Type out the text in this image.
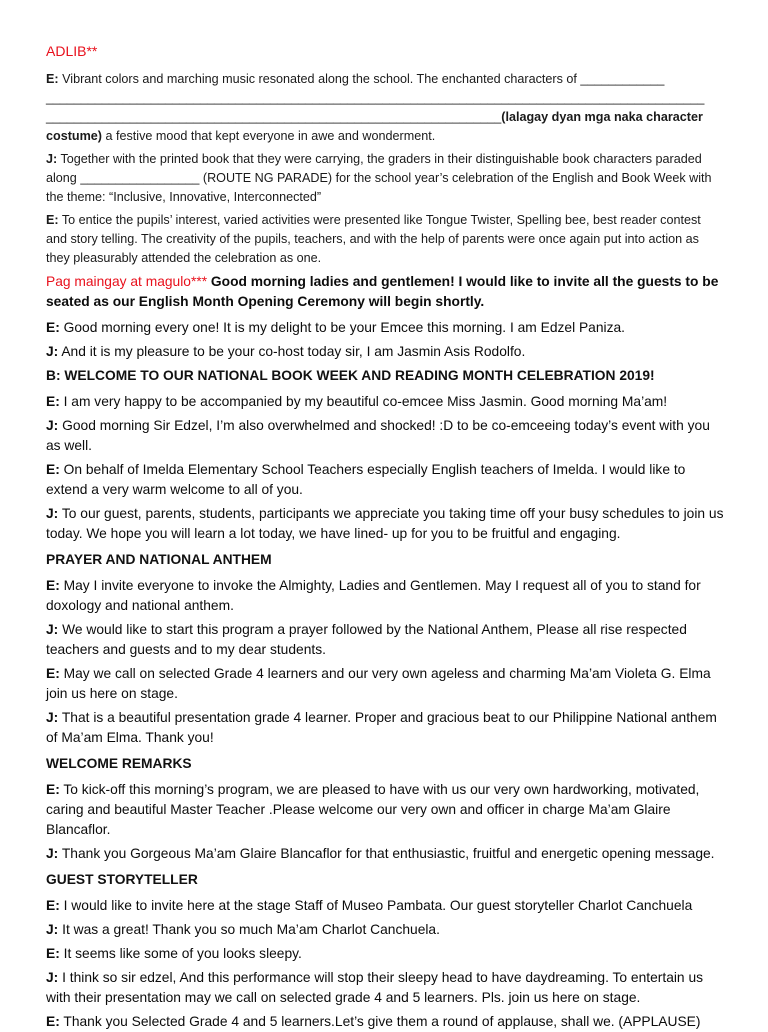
ADLIB**

E: Vibrant colors and marching music resonated along the school. The enchanted characters of ____________
______________________________________________________________________________________________
_________________________________________________________________(lalagay dyan mga naka character costume) a festive mood that kept everyone in awe and wonderment.

J: Together with the printed book that they were carrying, the graders in their distinguishable book characters paraded along _________________ (ROUTE NG PARADE) for the school year’s celebration of the English and Book Week with the theme: “Inclusive, Innovative, Interconnected”

E: To entice the pupils’ interest, varied activities were presented like Tongue Twister, Spelling bee, best reader contest and story telling. The creativity of the pupils, teachers, and with the help of parents were once again put into action as they pleasurably attended the celebration as one.

Pag maingay at magulo*** Good morning ladies and gentlemen! I would like to invite all the guests to be seated as our English Month Opening Ceremony will begin shortly.

E: Good morning every one! It is my delight to be your Emcee this morning. I am Edzel Paniza.

J: And it is my pleasure to be your co-host today sir, I am Jasmin Asis Rodolfo.

B: WELCOME TO OUR NATIONAL BOOK WEEK AND READING MONTH CELEBRATION 2019!

E: I am very happy to be accompanied by my beautiful co-emcee Miss Jasmin. Good morning Ma’am!

J: Good morning Sir Edzel, I’m also overwhelmed and shocked! :D to be co-emceeing today’s event with you as well.

E: On behalf of Imelda Elementary School Teachers especially English teachers of Imelda. I would like to extend a very warm welcome to all of you.

J: To our guest, parents, students, participants we appreciate you taking time off your busy schedules to join us today. We hope you will learn a lot today, we have lined- up for you to be fruitful and engaging.

PRAYER AND NATIONAL ANTHEM

E: May I invite everyone to invoke the Almighty, Ladies and Gentlemen. May I request all of you to stand for doxology and national anthem.

J: We would like to start this program a prayer followed by the National Anthem, Please all rise respected teachers and guests and to my dear students.

E: May we call on selected Grade 4 learners and our very own ageless and charming Ma’am Violeta G. Elma join us here on stage.

J: That is a beautiful presentation grade 4 learner. Proper and gracious beat to our Philippine National anthem of Ma’am Elma. Thank you!

WELCOME REMARKS

E: To kick-off this morning’s program, we are pleased to have with us our very own hardworking, motivated, caring and beautiful Master Teacher .Please welcome our very own and officer in charge Ma’am Glaire Blancaflor.

J: Thank you Gorgeous Ma’am Glaire Blancaflor for that enthusiastic, fruitful and energetic opening message.

GUEST STORYTELLER

E: I would like to invite here at the stage Staff of Museo Pambata. Our guest storyteller Charlot Canchuela

J: It was a great! Thank you so much Ma’am Charlot Canchuela.

E: It seems like some of you looks sleepy.

J: I think so sir edzel, And this performance will stop their sleepy head to have daydreaming. To entertain us with their presentation may we call on selected grade 4 and 5 learners. Pls. join us here on stage.

E: Thank you Selected Grade 4 and 5 learners.Let’s give them a round of applause, shall we. (APPLAUSE)
